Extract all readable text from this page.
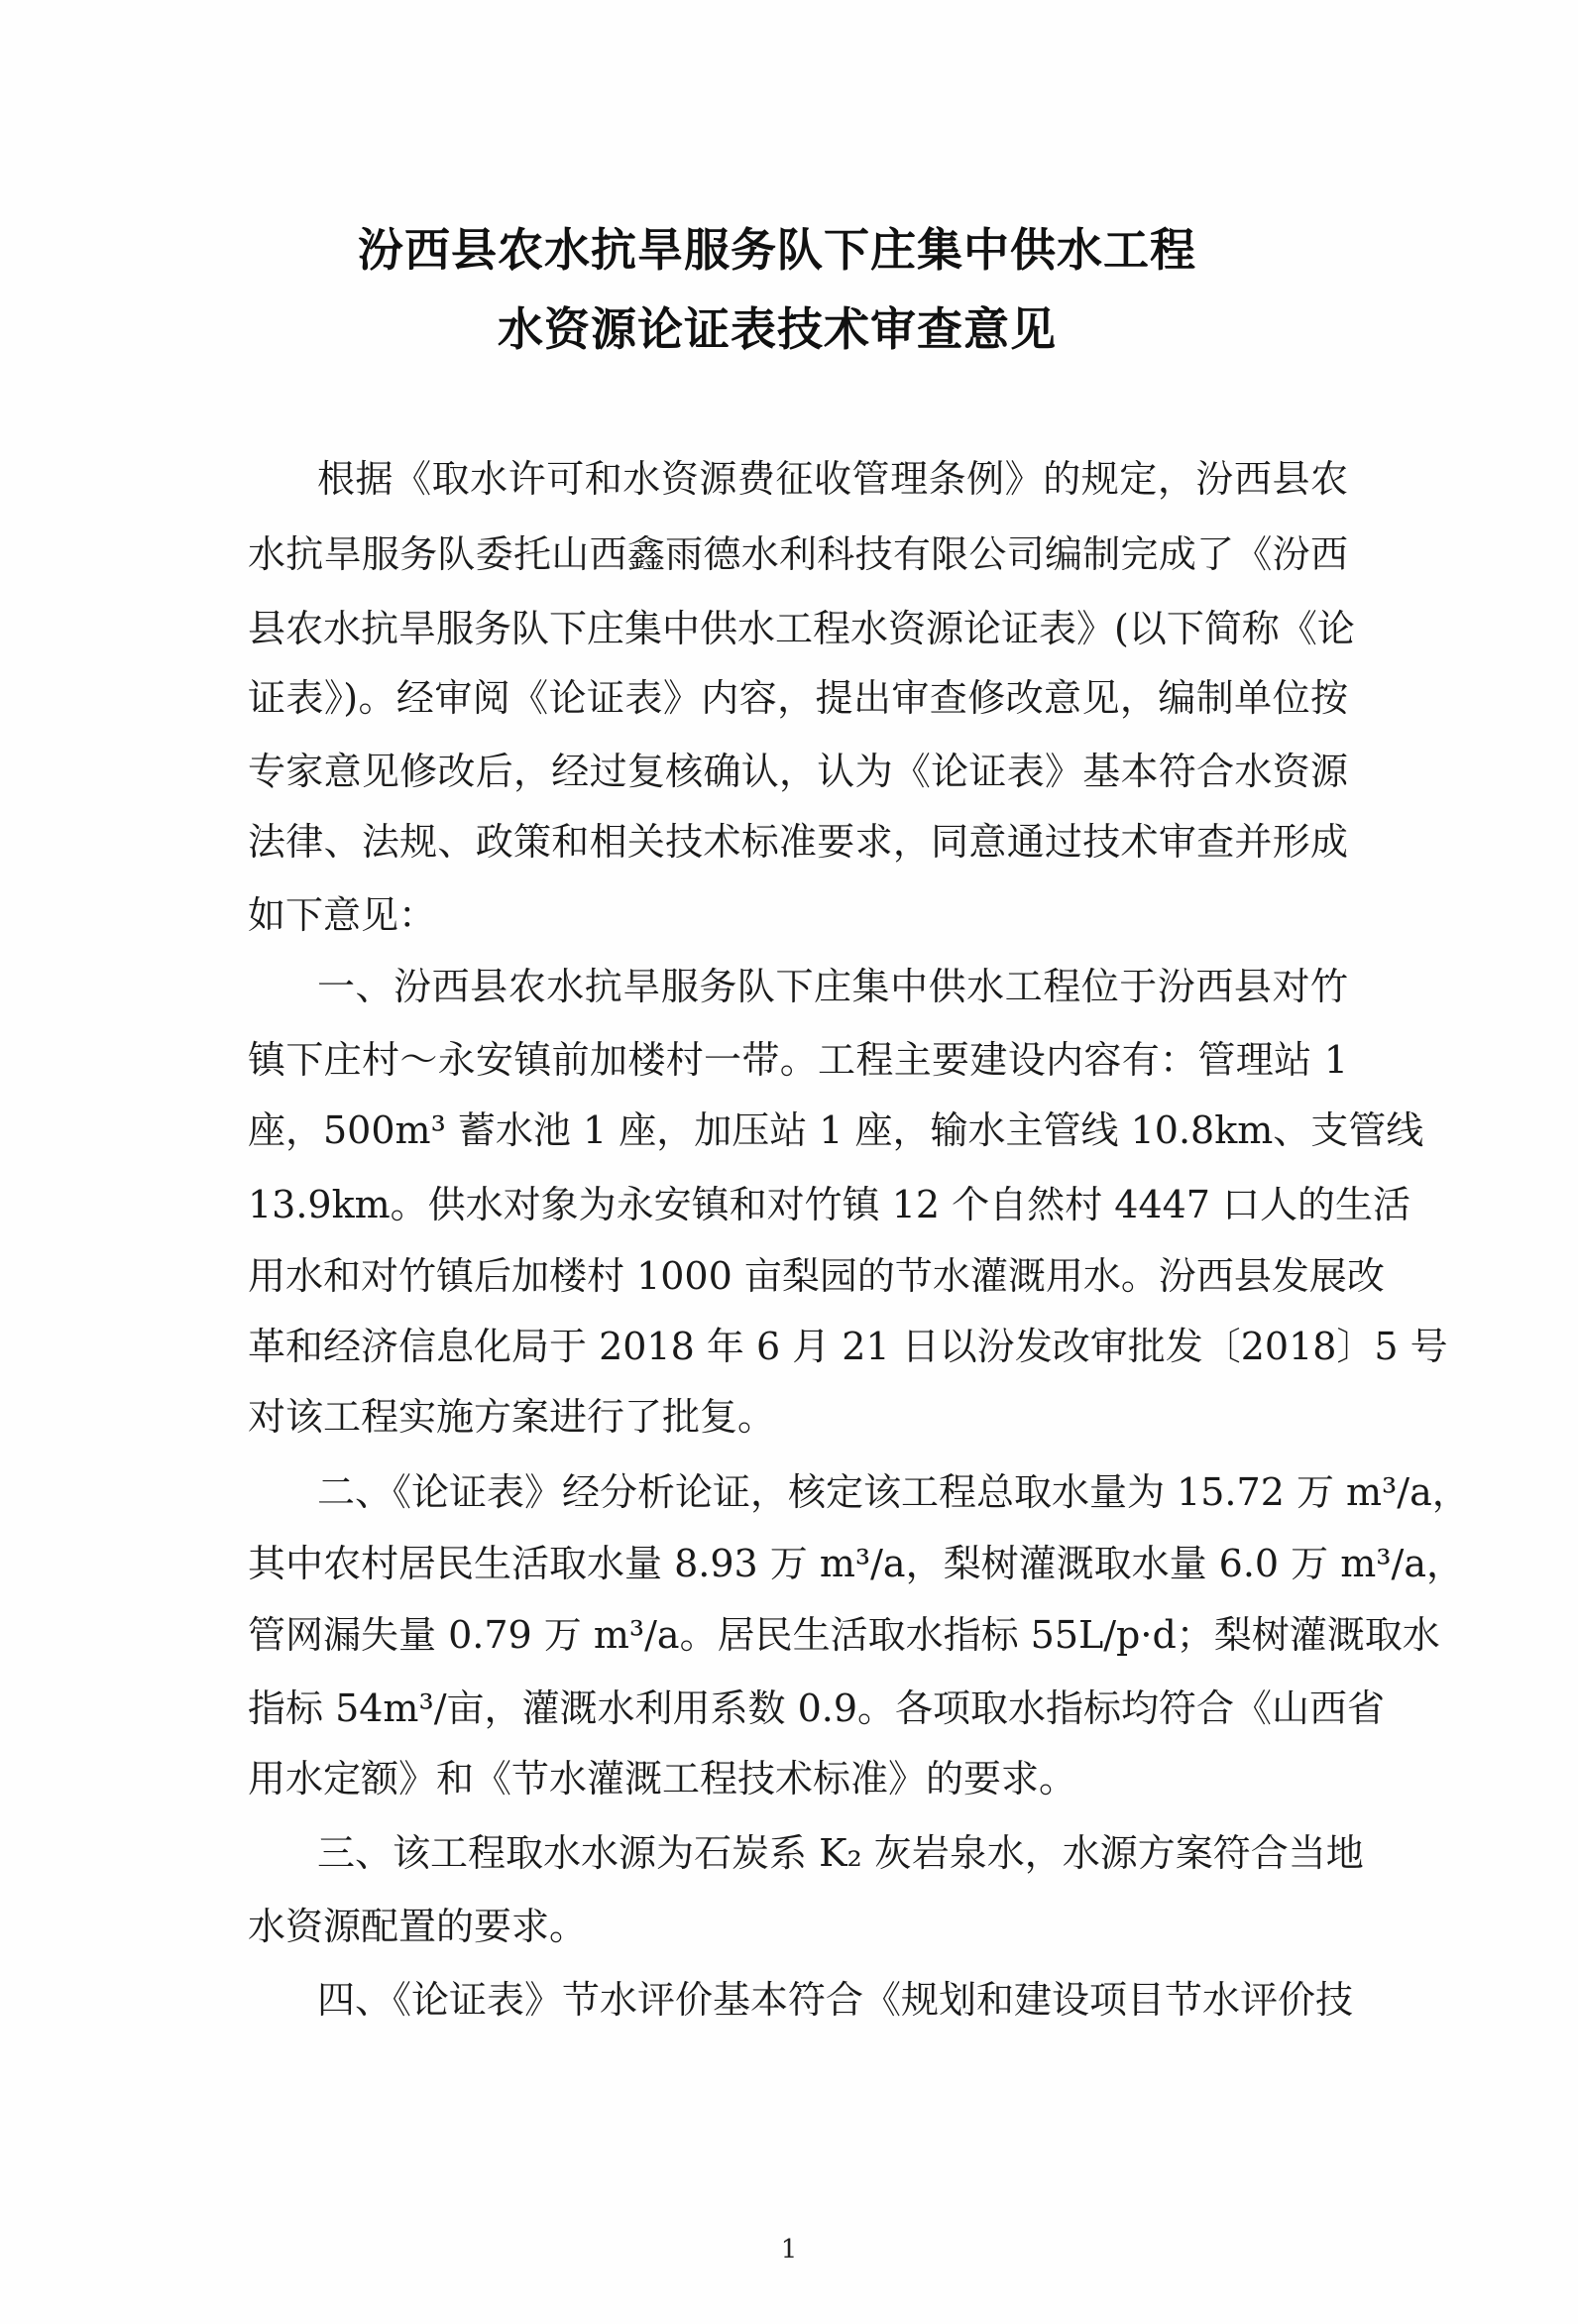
汾西县农水抗旱服务队下庄集中供水工程
水资源论证表技术审查意见
根据《取水许可和水资源费征收管理条例》的规定，汾西县农
水抗旱服务队委托山西鑫雨德水利科技有限公司编制完成了《汾西
县农水抗旱服务队下庄集中供水工程水资源论证表》(以下简称《论
证表》)。经审阅《论证表》内容，提出审查修改意见，编制单位按
专家意见修改后，经过复核确认，认为《论证表》基本符合水资源
法律、法规、政策和相关技术标准要求，同意通过技术审查并形成
如下意见：
一、汾西县农水抗旱服务队下庄集中供水工程位于汾西县对竹
镇下庄村～永安镇前加楼村一带。工程主要建设内容有：管理站 1
座，500m³ 蓄水池 1 座，加压站 1 座，输水主管线 10.8km、支管线
13.9km。供水对象为永安镇和对竹镇 12 个自然村 4447 口人的生活
用水和对竹镇后加楼村 1000 亩梨园的节水灌溉用水。汾西县发展改
革和经济信息化局于 2018 年 6 月 21 日以汾发改审批发〔2018〕5 号
对该工程实施方案进行了批复。
二、《论证表》经分析论证，核定该工程总取水量为 15.72 万 m³/a，
其中农村居民生活取水量 8.93 万 m³/a，梨树灌溉取水量 6.0 万 m³/a，
管网漏失量 0.79 万 m³/a。居民生活取水指标 55L/p·d；梨树灌溉取水
指标 54m³/亩，灌溉水利用系数 0.9。各项取水指标均符合《山西省
用水定额》和《节水灌溉工程技术标准》的要求。
三、该工程取水水源为石炭系 K₂ 灰岩泉水，水源方案符合当地
水资源配置的要求。
四、《论证表》节水评价基本符合《规划和建设项目节水评价技
1
